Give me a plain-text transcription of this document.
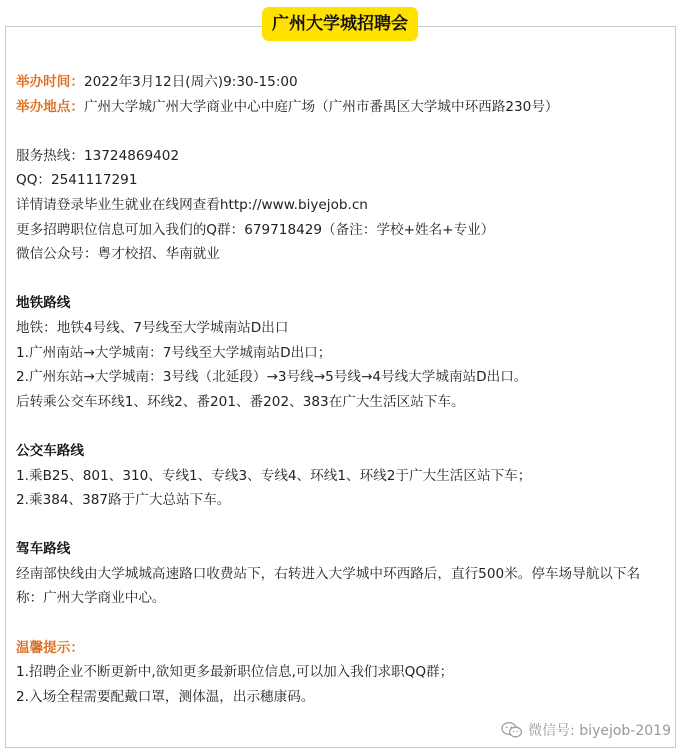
广州大学城招聘会
举办时间：2022年3月12日(周六)9:30-15:00
举办地点：广州大学城广州大学商业中心中庭广场（广州市番禺区大学城中环西路230号）
服务热线：13724869402
QQ：2541117291
详情请登录毕业生就业在线网查看http://www.biyejob.cn
更多招聘职位信息可加入我们的Q群：679718429（备注：学校+姓名+专业）
微信公众号：粤才校招、华南就业
地铁路线
地铁：地铁4号线、7号线至大学城南站D出口
1.广州南站→大学城南：7号线至大学城南站D出口；
2.广州东站→大学城南：3号线（北延段）→3号线→5号线→4号线大学城南站D出口。
后转乘公交车环线1、环线2、番201、番202、383在广大生活区站下车。
公交车路线
1.乘B25、801、310、专线1、专线3、专线4、环线1、环线2于广大生活区站下车；
2.乘384、387路于广大总站下车。
驾车路线
经南部快线由大学城城高速路口收费站下，右转进入大学城中环西路后，直行500米。停车场导航以下名称：广州大学商业中心。
温馨提示：
1.招聘企业不断更新中,欲知更多最新职位信息,可以加入我们求职QQ群；
2.入场全程需要配戴口罩，测体温，出示穗康码。
微信号: biyejob-2019
